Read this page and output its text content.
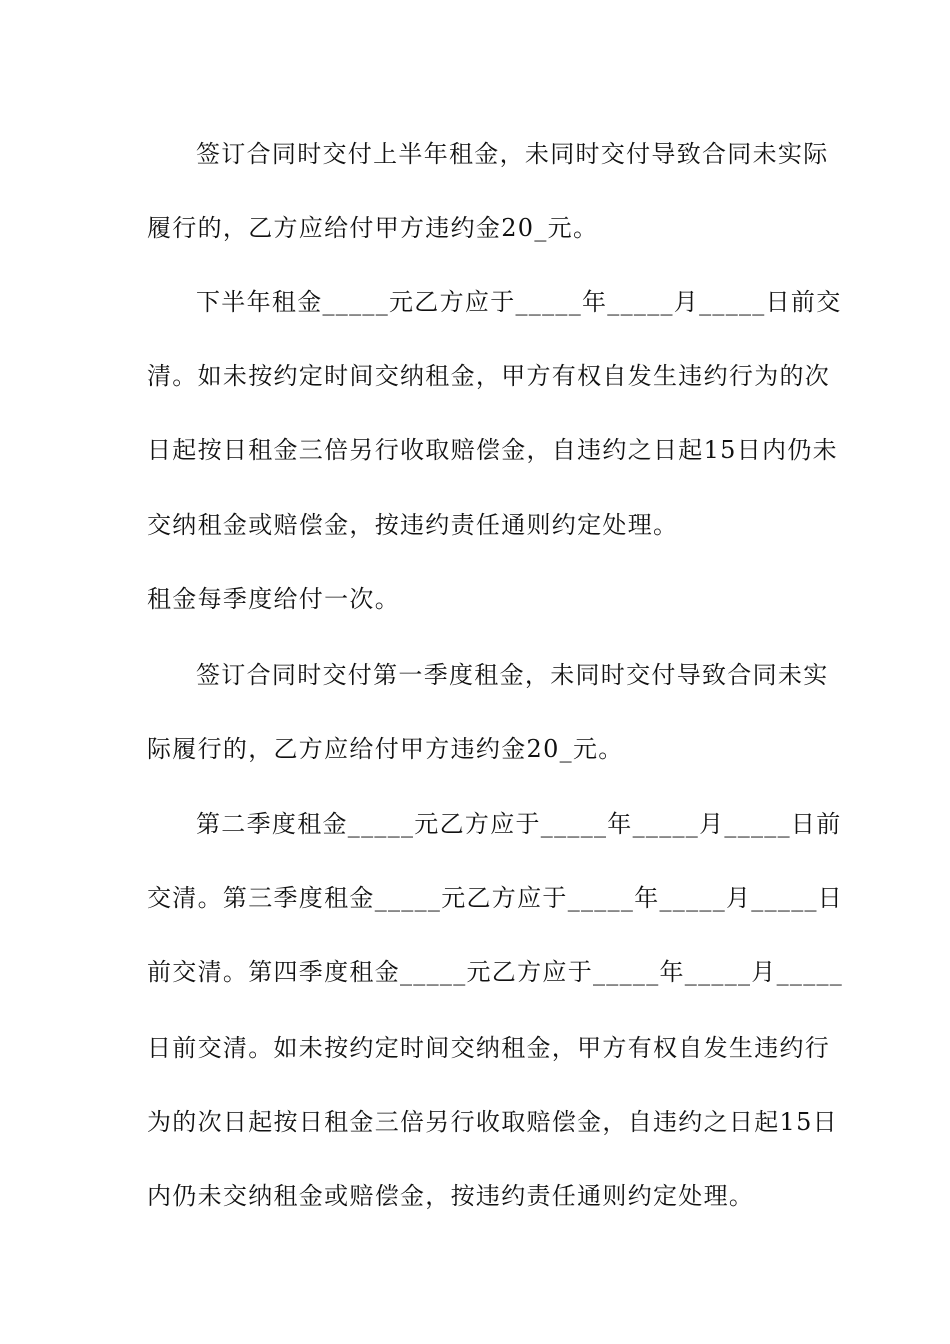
签订合同时交付上半年租金，未同时交付导致合同未实际
履行的，乙方应给付甲方违约金20_元。
下半年租金_____元乙方应于_____年_____月_____日前交
清。如未按约定时间交纳租金，甲方有权自发生违约行为的次
日起按日租金三倍另行收取赔偿金，自违约之日起15日内仍未
交纳租金或赔偿金，按违约责任通则约定处理。
租金每季度给付一次。
签订合同时交付第一季度租金，未同时交付导致合同未实
际履行的，乙方应给付甲方违约金20_元。
第二季度租金_____元乙方应于_____年_____月_____日前
交清。第三季度租金_____元乙方应于_____年_____月_____日
前交清。第四季度租金_____元乙方应于_____年_____月_____
日前交清。如未按约定时间交纳租金，甲方有权自发生违约行
为的次日起按日租金三倍另行收取赔偿金，自违约之日起15日
内仍未交纳租金或赔偿金，按违约责任通则约定处理。
